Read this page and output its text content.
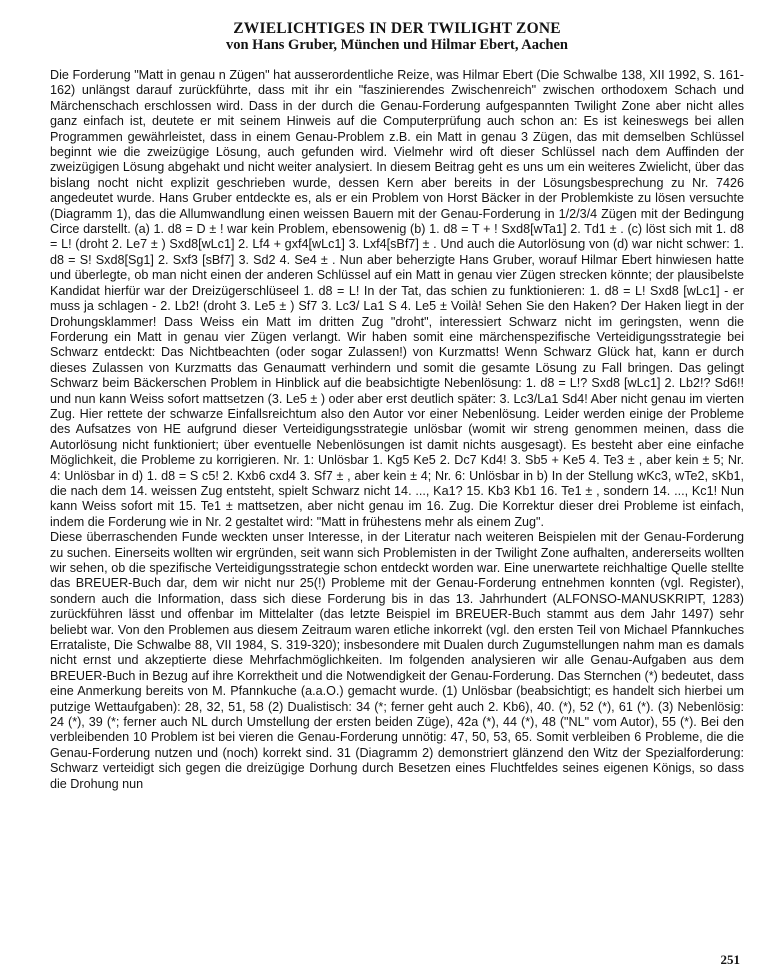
ZWIELICHTIGES IN DER TWILIGHT ZONE
von Hans Gruber, München und Hilmar Ebert, Aachen

Die Forderung "Matt in genau n Zügen" hat ausserordentliche Reize, was Hilmar Ebert (Die Schwalbe 138, XII 1992, S. 161-162) unlängst darauf zurückführte, dass mit ihr ein "faszinierendes Zwischenreich" zwischen orthodoxem Schach und Märchenschach erschlossen wird. Dass in der durch die Genau-Forderung aufgespannten Twilight Zone aber nicht alles ganz einfach ist, deutete er mit seinem Hinweis auf die Computerprüfung auch schon an: Es ist keineswegs bei allen Programmen gewährleistet, dass in einem Genau-Problem z.B. ein Matt in genau 3 Zügen, das mit demselben Schlüssel beginnt wie die zweizügige Lösung, auch gefunden wird. Vielmehr wird oft dieser Schlüssel nach dem Auffinden der zweizügigen Lösung abgehakt und nicht weiter analysiert. In diesem Beitrag geht es uns um ein weiteres Zwielicht, über das bislang nocht nicht explizit geschrieben wurde, dessen Kern aber bereits in der Lösungsbesprechung zu Nr. 7426 angedeutet wurde. Hans Gruber entdeckte es, als er ein Problem von Horst Bäcker in der Problemkiste zu lösen versuchte (Diagramm 1), das die Allumwandlung einen weissen Bauern mit der Genau-Forderung in 1/2/3/4 Zügen mit der Bedingung Circe darstellt. (a) 1. d8 = D ± ! war kein Problem, ebensowenig (b) 1. d8 = T + ! Sxd8[wTa1] 2. Td1 ± . (c) löst sich mit 1. d8 = L! (droht 2. Le7 ± ) Sxd8[wLc1] 2. Lf4 + gxf4[wLc1] 3. Lxf4[sBf7] ± . Und auch die Autorlösung von (d) war nicht schwer: 1. d8 = S! Sxd8[Sg1] 2. Sxf3 [sBf7] 3. Sd2 4. Se4 ± . Nun aber beherzigte Hans Gruber, worauf Hilmar Ebert hinwiesen hatte und überlegte, ob man nicht einen der anderen Schlüssel auf ein Matt in genau vier Zügen strecken könnte; der plausibelste Kandidat hierfür war der Dreizügerschlüseel 1. d8 = L! In der Tat, das schien zu funktionieren: 1. d8 = L! Sxd8 [wLc1] - er muss ja schlagen - 2. Lb2! (droht 3. Le5 ± ) Sf7 3. Lc3/ La1 S 4. Le5 ± Voilà! Sehen Sie den Haken? Der Haken liegt in der Drohungsklammer! Dass Weiss ein Matt im dritten Zug "droht", interessiert Schwarz nicht im geringsten, wenn die Forderung ein Matt in genau vier Zügen verlangt. Wir haben somit eine märchenspezifische Verteidigungsstrategie bei Schwarz entdeckt: Das Nichtbeachten (oder sogar Zulassen!) von Kurzmatts! Wenn Schwarz Glück hat, kann er durch dieses Zulassen von Kurzmatts das Genaumatt verhindern und somit die gesamte Lösung zu Fall bringen. Das gelingt Schwarz beim Bäckerschen Problem in Hinblick auf die beabsichtigte Nebenlösung: 1. d8 = L!? Sxd8 [wLc1] 2. Lb2!? Sd6!! und nun kann Weiss sofort mattsetzen (3. Le5 ± ) oder aber erst deutlich später: 3. Lc3/La1 Sd4! Aber nicht genau im vierten Zug. Hier rettete der schwarze Einfallsreichtum also den Autor vor einer Nebenlösung. Leider werden einige der Probleme des Aufsatzes von HE aufgrund dieser Verteidigungsstrategie unlösbar (womit wir streng genommen meinen, dass die Autorlösung nicht funktioniert; über eventuelle Nebenlösungen ist damit nichts ausgesagt). Es besteht aber eine einfache Möglichkeit, die Probleme zu korrigieren. Nr. 1: Unlösbar 1. Kg5 Ke5 2. Dc7 Kd4! 3. Sb5 + Ke5 4. Te3 ± , aber kein ± 5; Nr. 4: Unlösbar in d) 1. d8 = S c5! 2. Kxb6 cxd4 3. Sf7 ± , aber kein ± 4; Nr. 6: Unlösbar in b) In der Stellung wKc3, wTe2, sKb1, die nach dem 14. weissen Zug entsteht, spielt Schwarz nicht 14. ..., Ka1? 15. Kb3 Kb1 16. Te1 ± , sondern 14. ..., Kc1! Nun kann Weiss sofort mit 15. Te1 ± mattsetzen, aber nicht genau im 16. Zug. Die Korrektur dieser drei Probleme ist einfach, indem die Forderung wie in Nr. 2 gestaltet wird: "Matt in frühestens mehr als einem Zug".

Diese überraschenden Funde weckten unser Interesse, in der Literatur nach weiteren Beispielen mit der Genau-Forderung zu suchen. Einerseits wollten wir ergründen, seit wann sich Problemisten in der Twilight Zone aufhalten, andererseits wollten wir sehen, ob die spezifische Verteidigungsstrategie schon entdeckt worden war. Eine unerwartete reichhaltige Quelle stellte das BREUER-Buch dar, dem wir nicht nur 25(!) Probleme mit der Genau-Forderung entnehmen konnten (vgl. Register), sondern auch die Information, dass sich diese Forderung bis in das 13. Jahrhundert (ALFONSO-MANUSKRIPT, 1283) zurückführen lässt und offenbar im Mittelalter (das letzte Beispiel im BREUER-Buch stammt aus dem Jahr 1497) sehr beliebt war. Von den Problemen aus diesem Zeitraum waren etliche inkorrekt (vgl. den ersten Teil von Michael Pfannkuches Errataliste, Die Schwalbe 88, VII 1984, S. 319-320); insbesondere mit Dualen durch Zugumstellungen nahm man es damals nicht ernst und akzeptierte diese Mehrfachmöglichkeiten. Im folgenden analysieren wir alle Genau-Aufgaben aus dem BREUER-Buch in Bezug auf ihre Korrektheit und die Notwendigkeit der Genau-Forderung. Das Sternchen (*) bedeutet, dass eine Anmerkung bereits von M. Pfannkuche (a.a.O.) gemacht wurde. (1) Unlösbar (beabsichtigt; es handelt sich hierbei um putzige Wettaufgaben): 28, 32, 51, 58 (2) Dualistisch: 34 (*; ferner geht auch 2. Kb6), 40. (*), 52 (*), 61 (*). (3) Nebenlösig: 24 (*), 39 (*; ferner auch NL durch Umstellung der ersten beiden Züge), 42a (*), 44 (*), 48 ("NL" vom Autor), 55 (*). Bei den verbleibenden 10 Problem ist bei vieren die Genau-Forderung unnötig: 47, 50, 53, 65. Somit verbleiben 6 Probleme, die die Genau-Forderung nutzen und (noch) korrekt sind. 31 (Diagramm 2) demonstriert glänzend den Witz der Spezialforderung: Schwarz verteidigt sich gegen die dreizügige Dorhung durch Besetzen eines Fluchtfeldes seines eigenen Königs, so dass die Drohung nun

251
